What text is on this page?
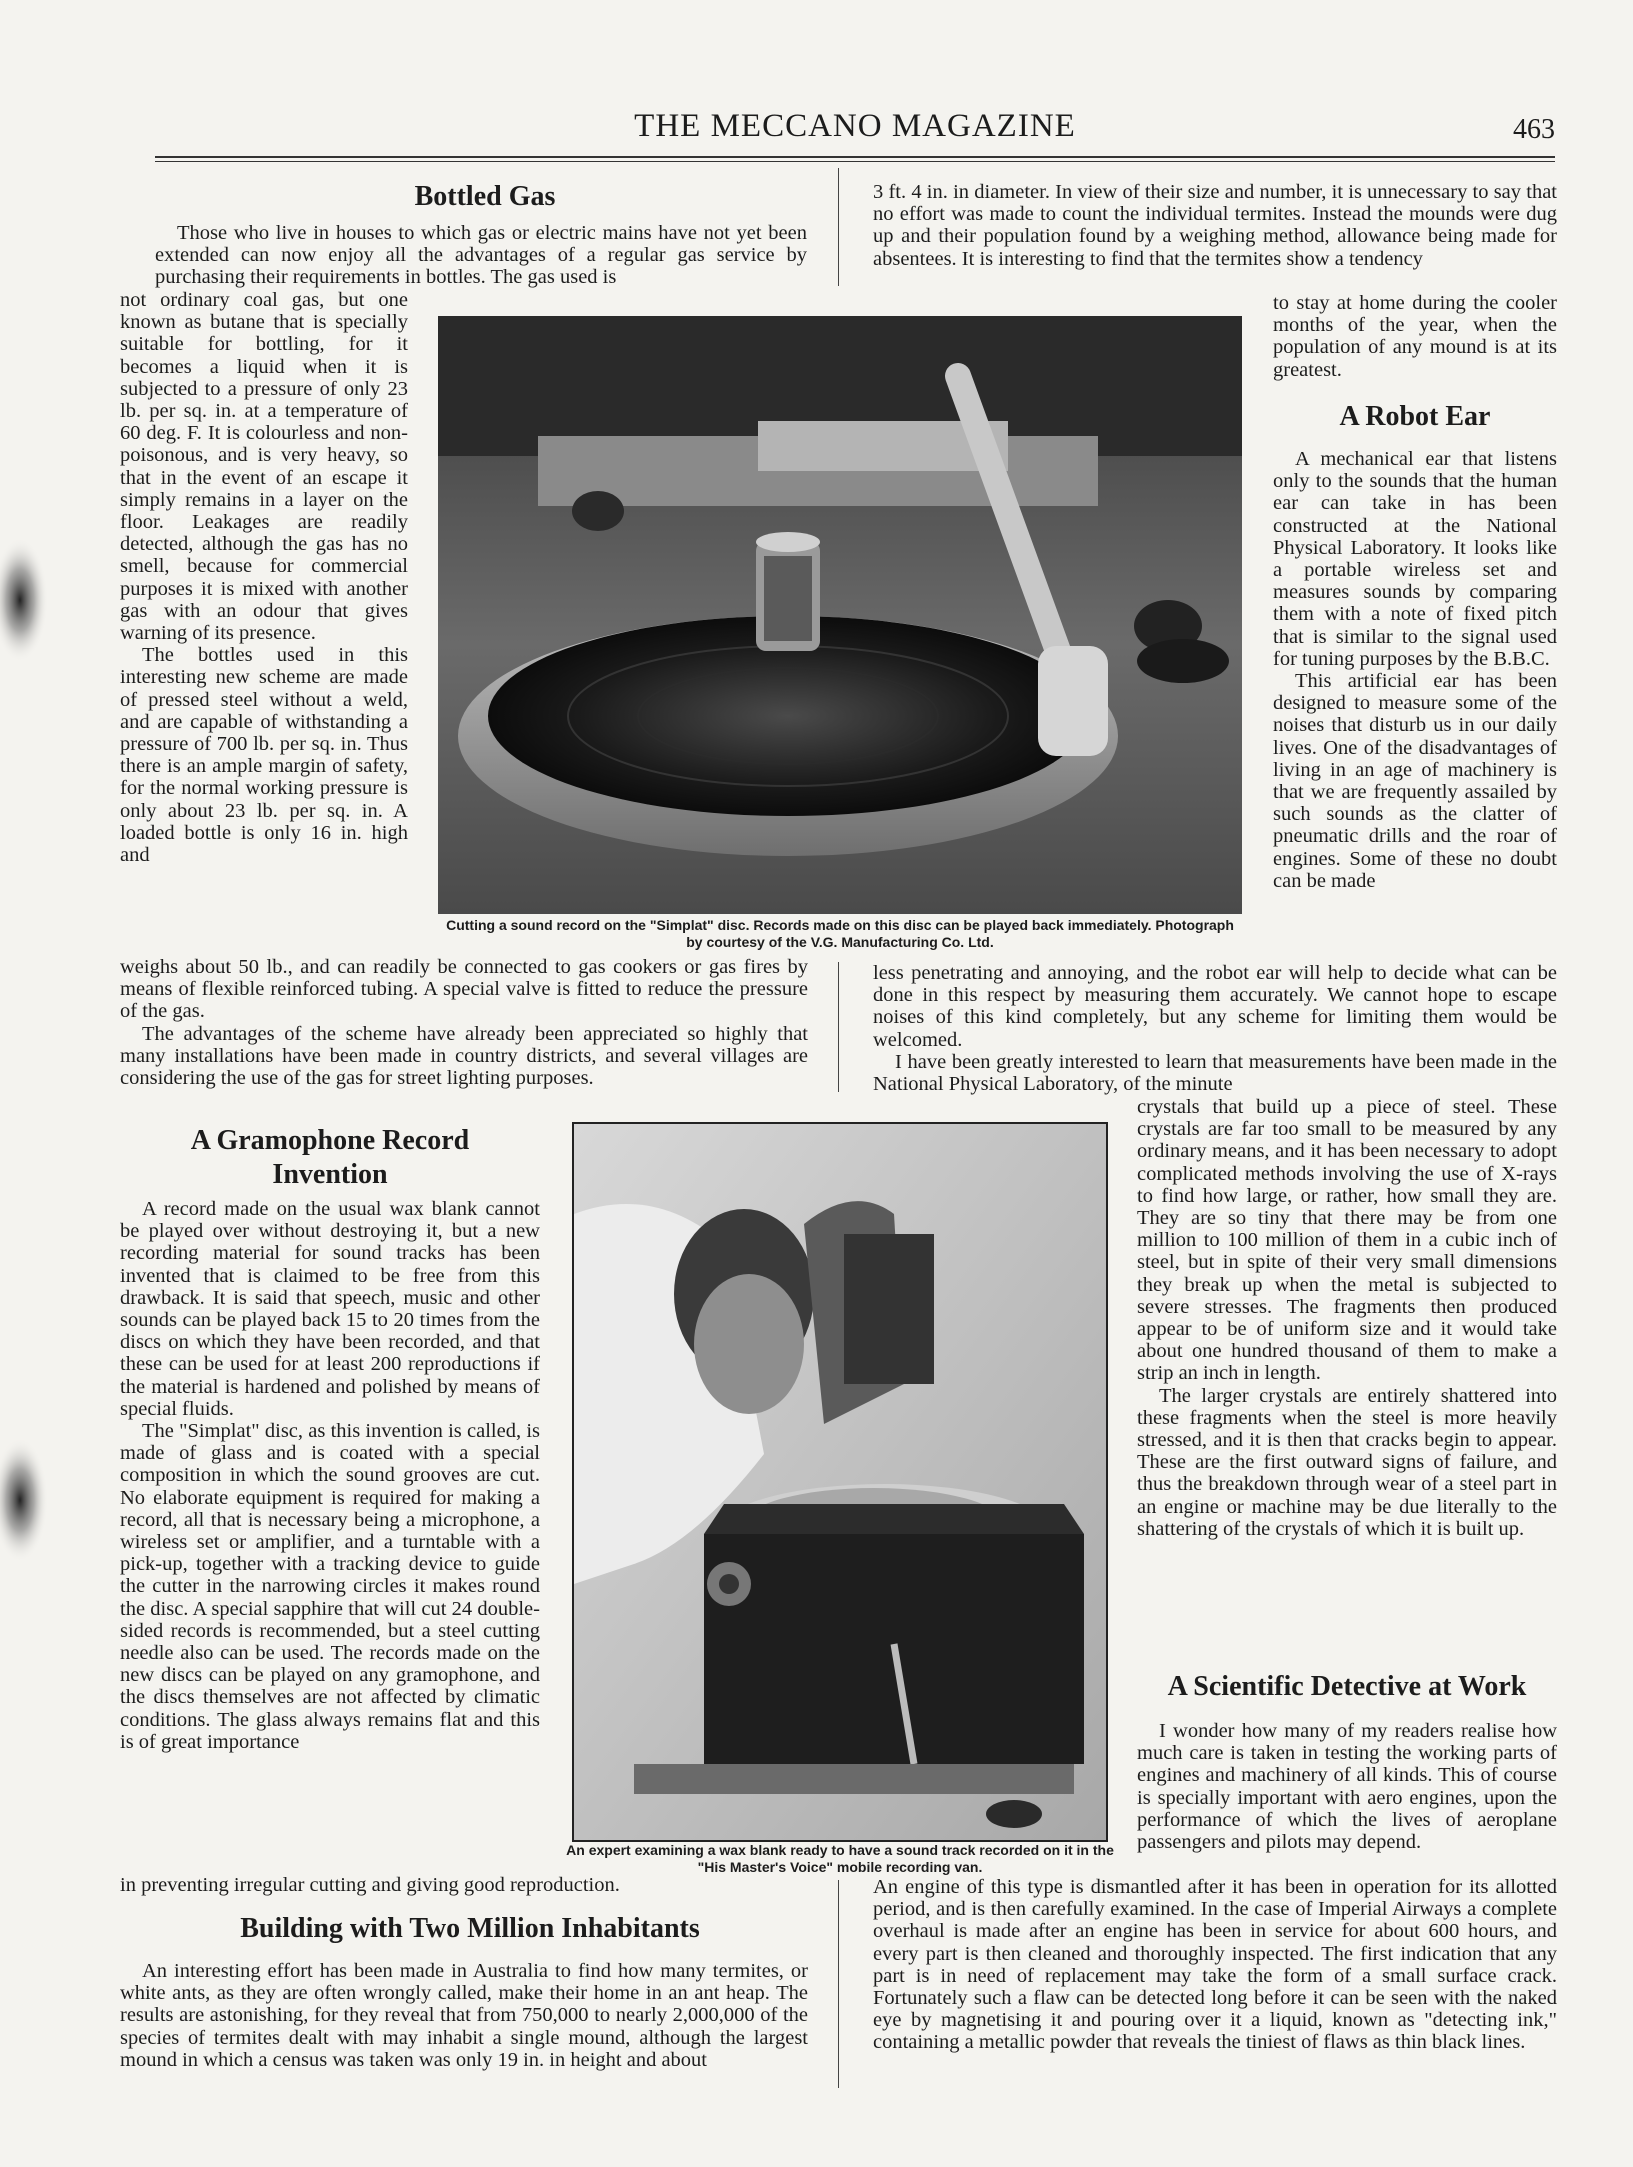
THE MECCANO MAGAZINE	463
Bottled Gas

Those who live in houses to which gas or electric mains have not yet been extended can now enjoy all the advantages of a regular gas service by purchasing their requirements in bottles. The gas used is

not ordinary coal gas, but one known as butane that is specially suitable for bottling, for it becomes a liquid when it is subjected to a pressure of only 23 lb. per sq. in. at a temperature of 60 deg. F. It is colourless and non-poisonous, and is very heavy, so that in the event of an escape it simply remains in a layer on the floor. Leakages are readily detected, although the gas has no smell, because for commercial purposes it is mixed with another gas with an odour that gives warning of its presence.

The bottles used in this interesting new scheme are made of pressed steel without a weld, and are capable of withstanding a pressure of 700 lb. per sq. in. Thus there is an ample margin of safety, for the normal working pressure is only about 23 lb. per sq. in. A loaded bottle is only 16 in. high and

weighs about 50 lb., and can readily be connected to gas cookers or gas fires by means of flexible reinforced tubing. A special valve is fitted to reduce the pressure of the gas.

The advantages of the scheme have already been appreciated so highly that many installations have been made in country districts, and several villages are considering the use of the gas for street lighting purposes.

Cutting a sound record on the "Simplat" disc. Records made on this disc can be played back immediately. Photograph by courtesy of the V.G. Manufacturing Co. Ltd.

3 ft. 4 in. in diameter. In view of their size and number, it is unnecessary to say that no effort was made to count the individual termites. Instead the mounds were dug up and their population found by a weighing method, allowance being made for absentees. It is interesting to find that the termites show a tendency

to stay at home during the cooler months of the year, when the population of any mound is at its greatest.

A Robot Ear

A mechanical ear that listens only to the sounds that the human ear can take in has been constructed at the National Physical Laboratory. It looks like a portable wireless set and measures sounds by comparing them with a note of fixed pitch that is similar to the signal used for tuning purposes by the B.B.C.

This artificial ear has been designed to measure some of the noises that disturb us in our daily lives. One of the disadvantages of living in an age of machinery is that we are frequently assailed by such sounds as the clatter of pneumatic drills and the roar of engines. Some of these no doubt can be made

less penetrating and annoying, and the robot ear will help to decide what can be done in this respect by measuring them accurately. We cannot hope to escape noises of this kind completely, but any scheme for limiting them would be welcomed.

I have been greatly interested to learn that measurements have been made in the National Physical Laboratory, of the minute

crystals that build up a piece of steel. These crystals are far too small to be measured by any ordinary means, and it has been necessary to adopt complicated methods involving the use of X-rays to find how large, or rather, how small they are. They are so tiny that there may be from one million to 100 million of them in a cubic inch of steel, but in spite of their very small dimensions they break up when the metal is subjected to severe stresses. The fragments then produced appear to be of uniform size and it would take about one hundred thousand of them to make a strip an inch in length.

The larger crystals are entirely shattered into these fragments when the steel is more heavily stressed, and it is then that cracks begin to appear. These are the first outward signs of failure, and thus the breakdown through wear of a steel part in an engine or machine may be due literally to the shattering of the crystals of which it is built up.

A Gramophone Record
Invention

A record made on the usual wax blank cannot be played over without destroying it, but a new recording material for sound tracks has been invented that is claimed to be free from this drawback. It is said that speech, music and other sounds can be played back 15 to 20 times from the discs on which they have been recorded, and that these can be used for at least 200 reproductions if the material is hardened and polished by means of special fluids.

The "Simplat" disc, as this invention is called, is made of glass and is coated with a special composition in which the sound grooves are cut. No elaborate equipment is required for making a record, all that is necessary being a microphone, a wireless set or amplifier, and a turntable with a pick-up, together with a tracking device to guide the cutter in the narrowing circles it makes round the disc. A special sapphire that will cut 24 double-sided records is recommended, but a steel cutting needle also can be used. The records made on the new discs can be played on any gramophone, and the discs themselves are not affected by climatic conditions. The glass always remains flat and this is of great importance

in preventing irregular cutting and giving good reproduction.

An expert examining a wax blank ready to have a sound track recorded on it in the "His Master's Voice" mobile recording van.
Building with Two Million Inhabitants

An interesting effort has been made in Australia to find how many termites, or white ants, as they are often wrongly called, make their home in an ant heap. The results are astonishing, for they reveal that from 750,000 to nearly 2,000,000 of the species of termites dealt with may inhabit a single mound, although the largest mound in which a census was taken was only 19 in. in height and about

A Scientific Detective at Work

I wonder how many of my readers realise how much care is taken in testing the working parts of engines and machinery of all kinds. This of course is specially important with aero engines, upon the performance of which the lives of aeroplane passengers and pilots may depend.

An engine of this type is dismantled after it has been in operation for its allotted period, and is then carefully examined. In the case of Imperial Airways a complete overhaul is made after an engine has been in service for about 600 hours, and every part is then cleaned and thoroughly inspected. The first indication that any part is in need of replacement may take the form of a small surface crack. Fortunately such a flaw can be detected long before it can be seen with the naked eye by magnetising it and pouring over it a liquid, known as "detecting ink," containing a metallic powder that reveals the tiniest of flaws as thin black lines.
